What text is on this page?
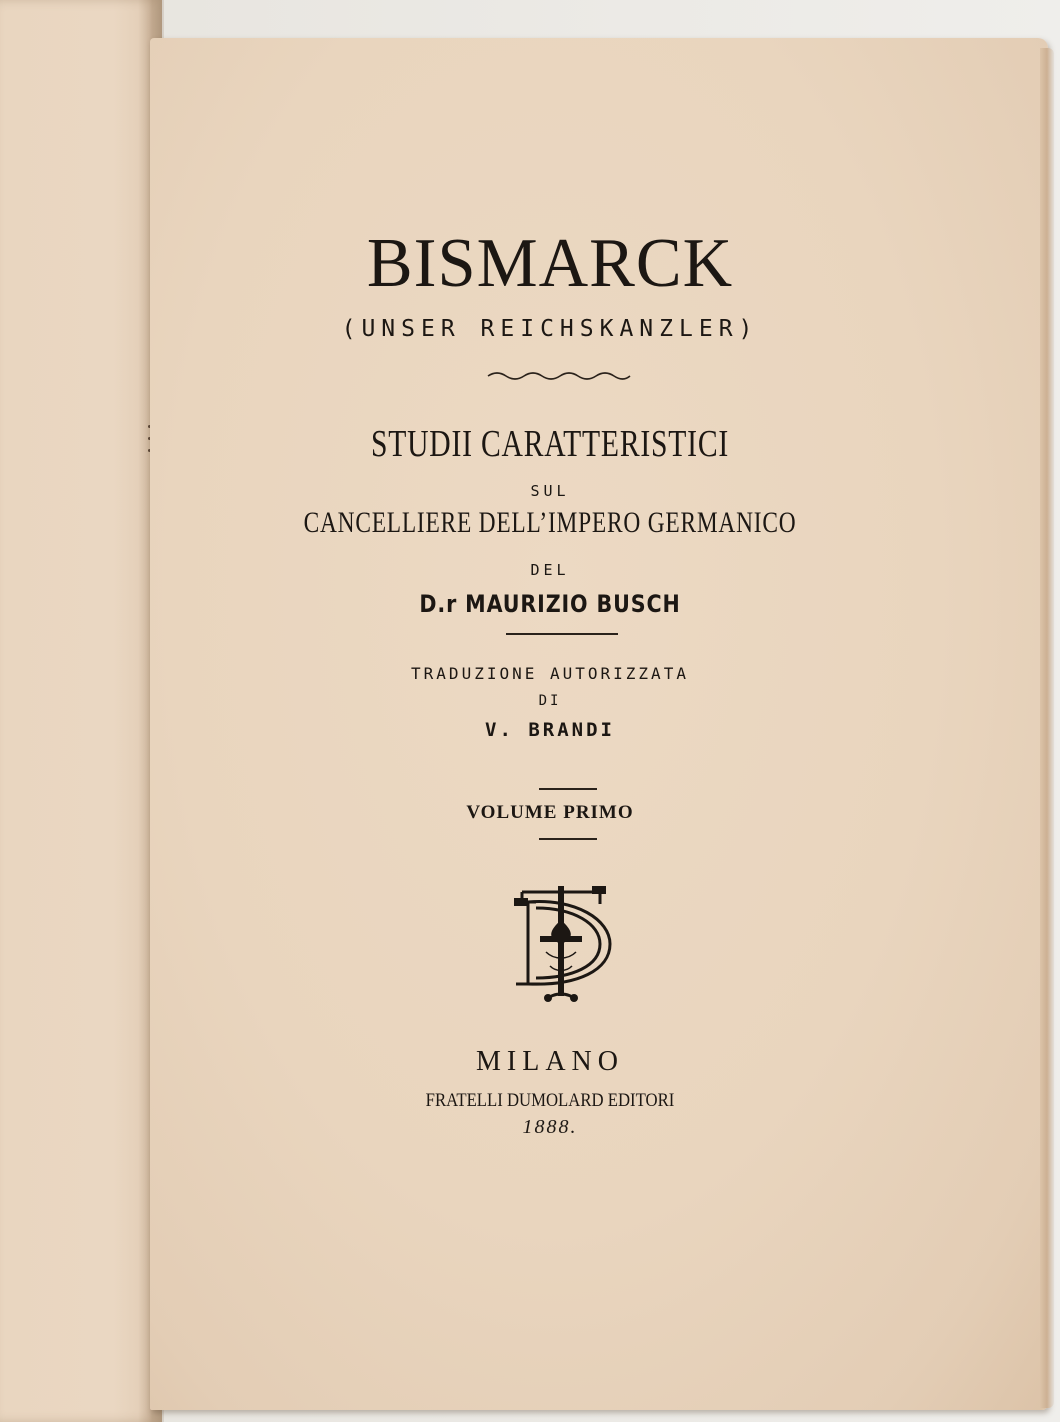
BISMARCK
(UNSER REICHSKANZLER)
STUDII CARATTERISTICI
SUL
CANCELLIERE DELL’IMPERO GERMANICO
DEL
D.r MAURIZIO BUSCH
TRADUZIONE AUTORIZZATA
DI
V. BRANDI
VOLUME PRIMO
MILANO
FRATELLI DUMOLARD EDITORI
1888.
